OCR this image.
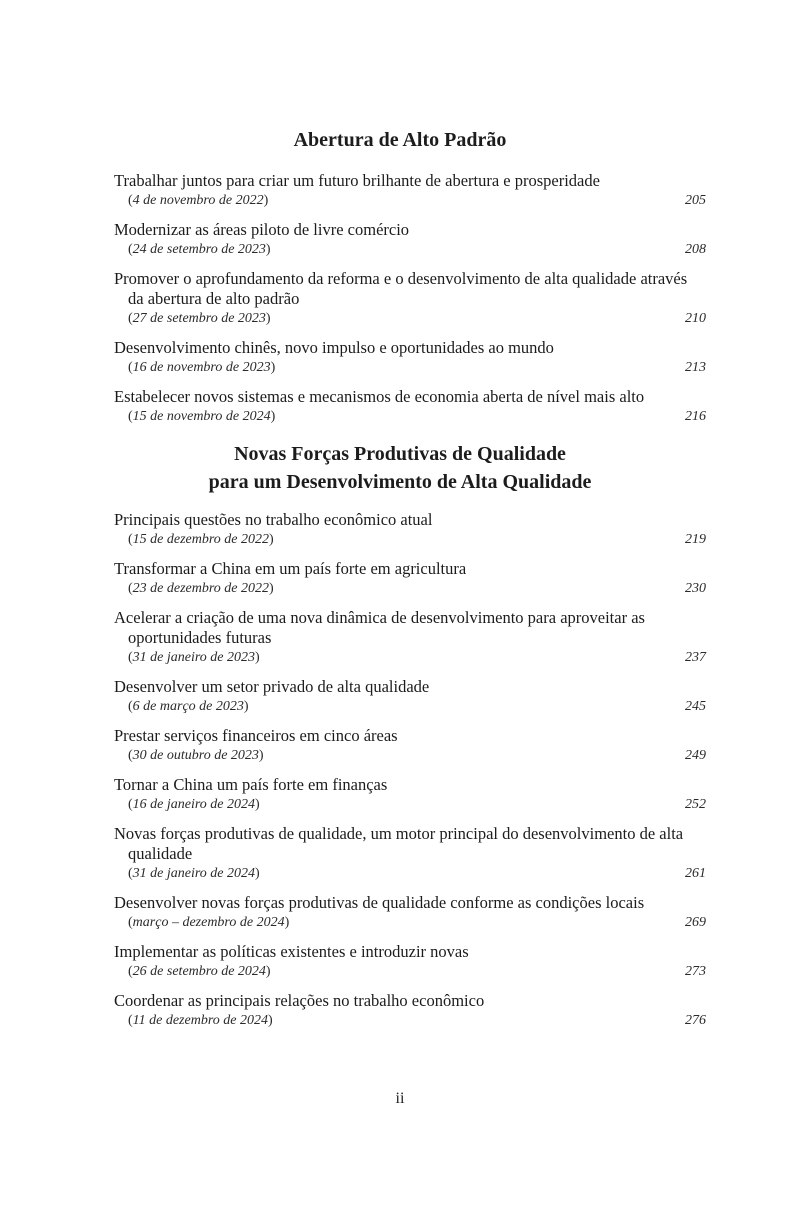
Abertura de Alto Padrão
Trabalhar juntos para criar um futuro brilhante de abertura e prosperidade
(4 de novembro de 2022)	205
Modernizar as áreas piloto de livre comércio
(24 de setembro de 2023)	208
Promover o aprofundamento da reforma e o desenvolvimento de alta qualidade através da abertura de alto padrão
(27 de setembro de 2023)	210
Desenvolvimento chinês, novo impulso e oportunidades ao mundo
(16 de novembro de 2023)	213
Estabelecer novos sistemas e mecanismos de economia aberta de nível mais alto
(15 de novembro de 2024)	216
Novas Forças Produtivas de Qualidade
para um Desenvolvimento de Alta Qualidade
Principais questões no trabalho econômico atual
(15 de dezembro de 2022)	219
Transformar a China em um país forte em agricultura
(23 de dezembro de 2022)	230
Acelerar a criação de uma nova dinâmica de desenvolvimento para aproveitar as oportunidades futuras
(31 de janeiro de 2023)	237
Desenvolver um setor privado de alta qualidade
(6 de março de 2023)	245
Prestar serviços financeiros em cinco áreas
(30 de outubro de 2023)	249
Tornar a China um país forte em finanças
(16 de janeiro de 2024)	252
Novas forças produtivas de qualidade, um motor principal do desenvolvimento de alta qualidade
(31 de janeiro de 2024)	261
Desenvolver novas forças produtivas de qualidade conforme as condições locais
(março – dezembro de 2024)	269
Implementar as políticas existentes e introduzir novas
(26 de setembro de 2024)	273
Coordenar as principais relações no trabalho econômico
(11 de dezembro de 2024)	276
ii
